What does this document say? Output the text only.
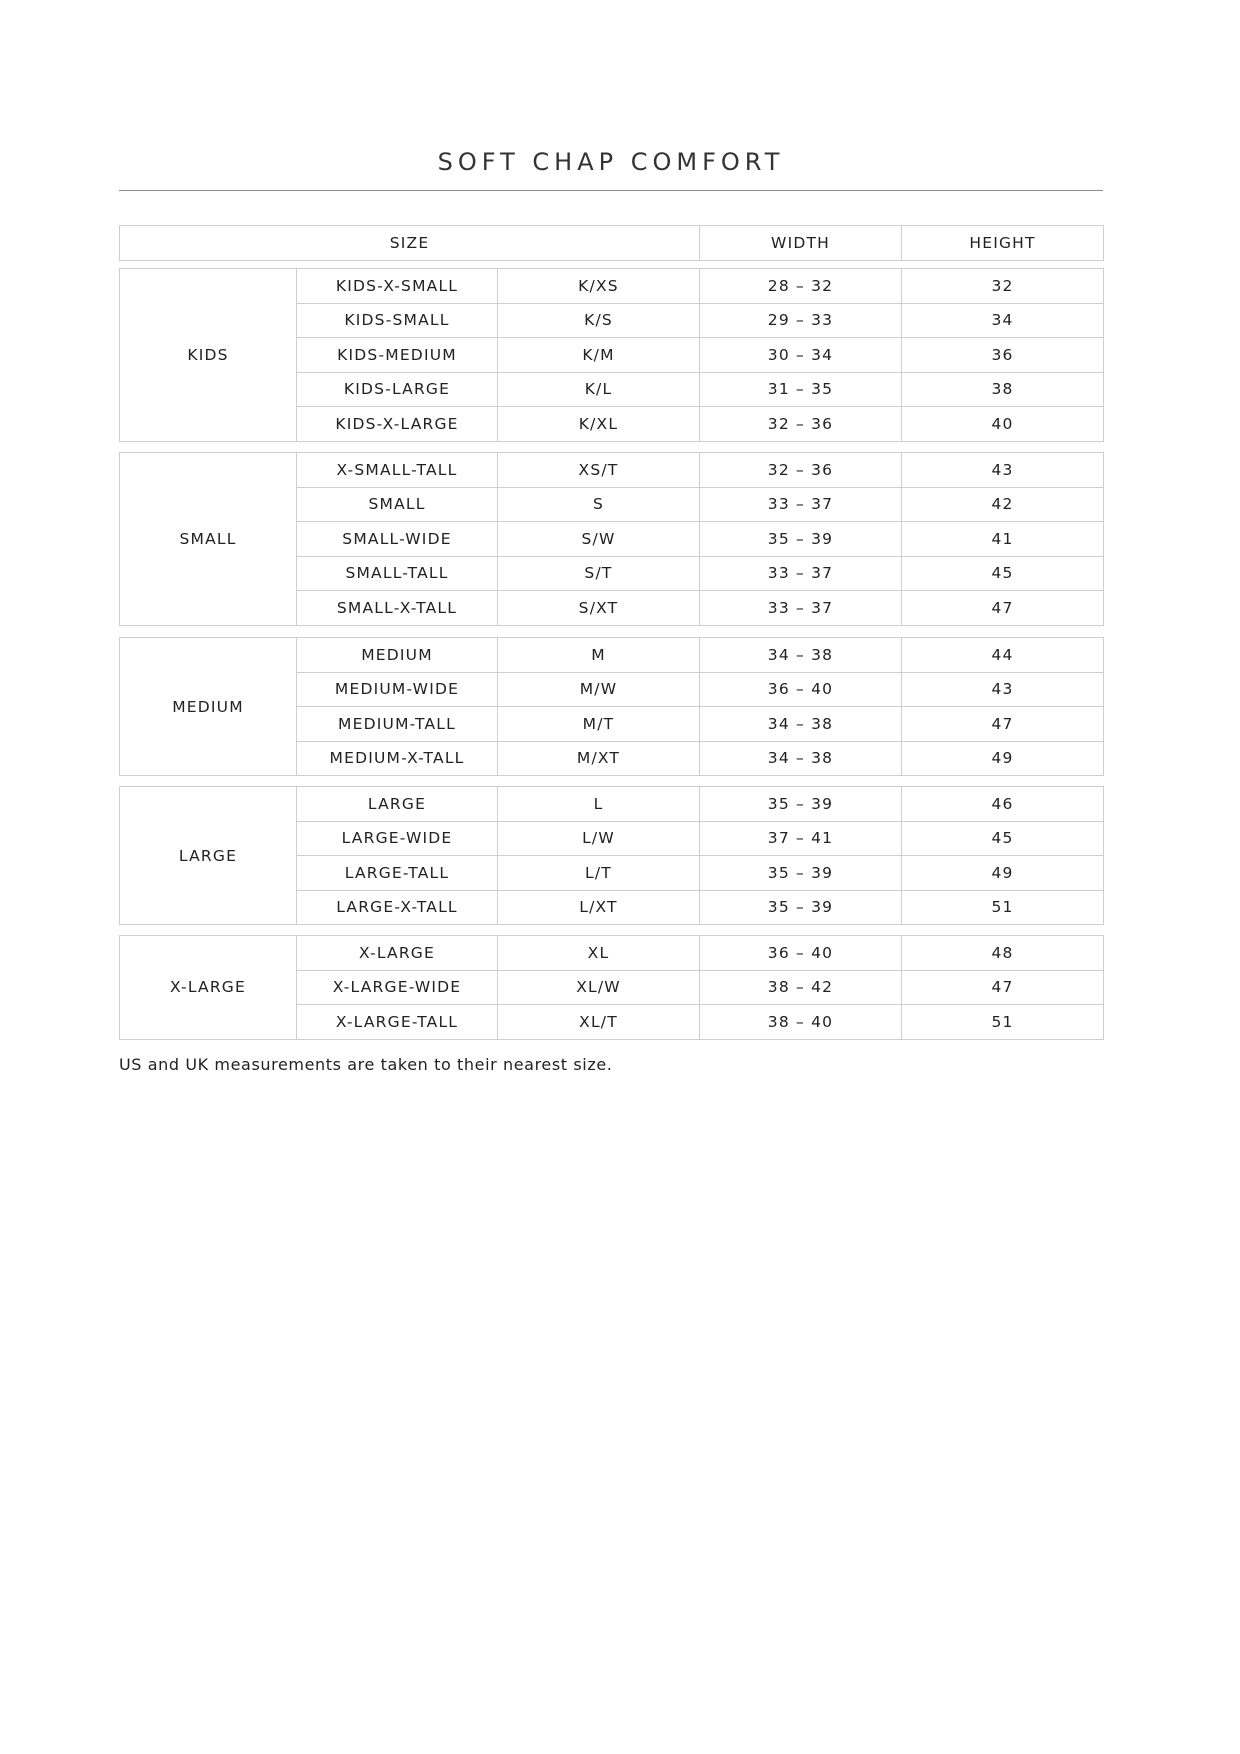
SOFT CHAP COMFORT
SIZE	WIDTH	HEIGHT
KIDS	KIDS-X-SMALL	K/XS	28 – 32	32
	KIDS-SMALL	K/S	29 – 33	34
	KIDS-MEDIUM	K/M	30 – 34	36
	KIDS-LARGE	K/L	31 – 35	38
	KIDS-X-LARGE	K/XL	32 – 36	40
SMALL	X-SMALL-TALL	XS/T	32 – 36	43
	SMALL	S	33 – 37	42
	SMALL-WIDE	S/W	35 – 39	41
	SMALL-TALL	S/T	33 – 37	45
	SMALL-X-TALL	S/XT	33 – 37	47
MEDIUM	MEDIUM	M	34 – 38	44
	MEDIUM-WIDE	M/W	36 – 40	43
	MEDIUM-TALL	M/T	34 – 38	47
	MEDIUM-X-TALL	M/XT	34 – 38	49
LARGE	LARGE	L	35 – 39	46
	LARGE-WIDE	L/W	37 – 41	45
	LARGE-TALL	L/T	35 – 39	49
	LARGE-X-TALL	L/XT	35 – 39	51
X-LARGE	X-LARGE	XL	36 – 40	48
	X-LARGE-WIDE	XL/W	38 – 42	47
	X-LARGE-TALL	XL/T	38 – 40	51
US and UK measurements are taken to their nearest size.
